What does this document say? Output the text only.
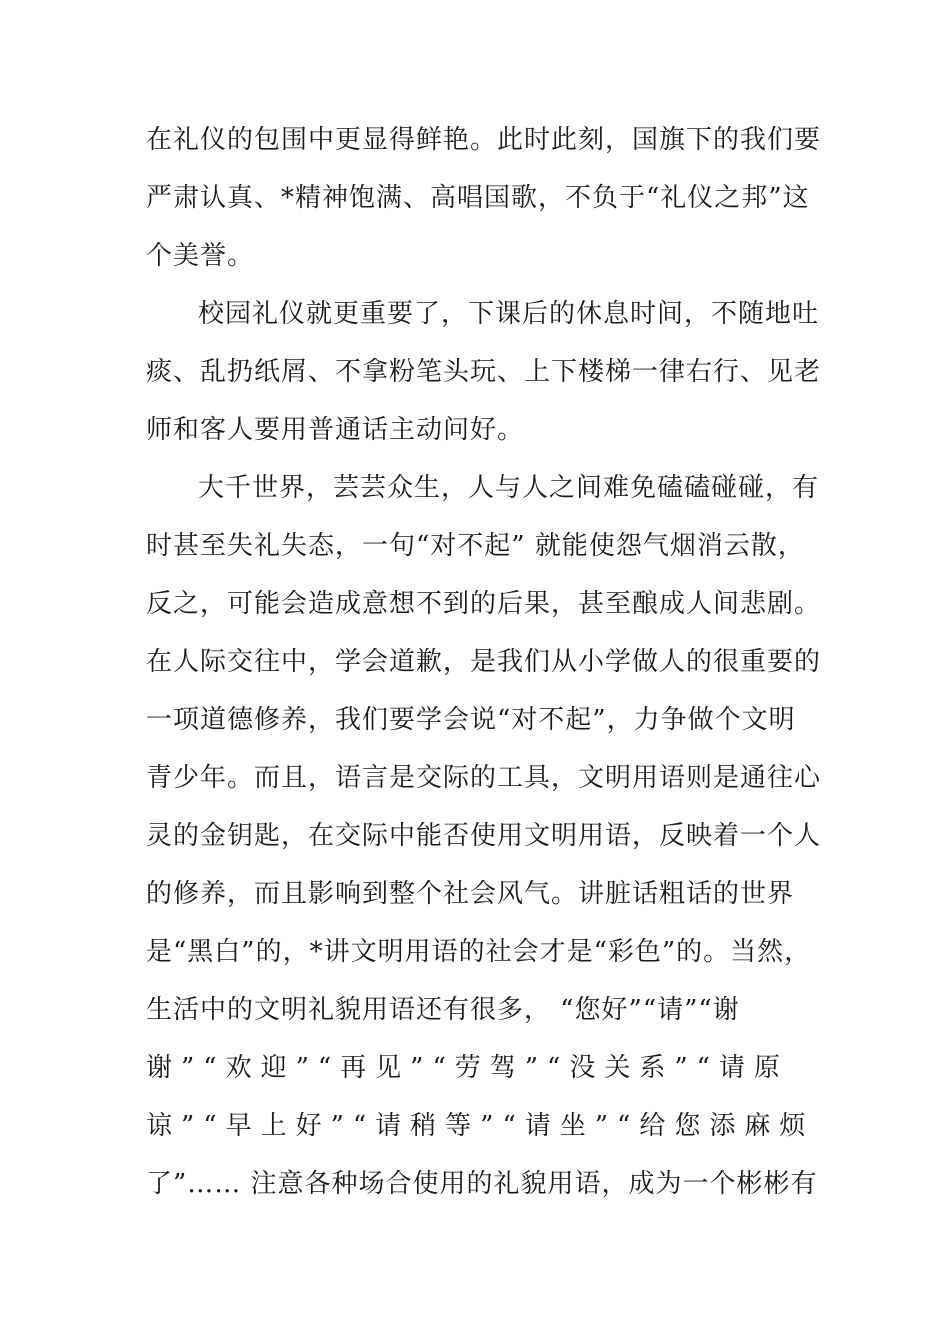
在礼仪的包围中更显得鲜艳。此时此刻，国旗下的我们要
严肃认真、*精神饱满、高唱国歌，不负于“礼仪之邦”这
个美誉。
校园礼仪就更重要了，下课后的休息时间，不随地吐
痰、乱扔纸屑、不拿粉笔头玩、上下楼梯一律右行、见老
师和客人要用普通话主动问好。
大千世界，芸芸众生，人与人之间难免磕磕碰碰，有
时甚至失礼失态，一句“对不起” 就能使怨气烟消云散，
反之，可能会造成意想不到的后果，甚至酿成人间悲剧。
在人际交往中，学会道歉，是我们从小学做人的很重要的
一项道德修养，我们要学会说“对不起”，力争做个文明
青少年。而且，语言是交际的工具，文明用语则是通往心
灵的金钥匙，在交际中能否使用文明用语，反映着一个人
的修养，而且影响到整个社会风气。讲脏话粗话的世界
是“黑白”的，*讲文明用语的社会才是“彩色”的。当然，
生活中的文明礼貌用语还有很多， “您好”“请”“谢
谢”“欢迎”“再见”“劳驾”“没关系”“请原
谅”“早上好”“请稍等”“请坐”“给您添麻烦
了”…… 注意各种场合使用的礼貌用语，成为一个彬彬有
